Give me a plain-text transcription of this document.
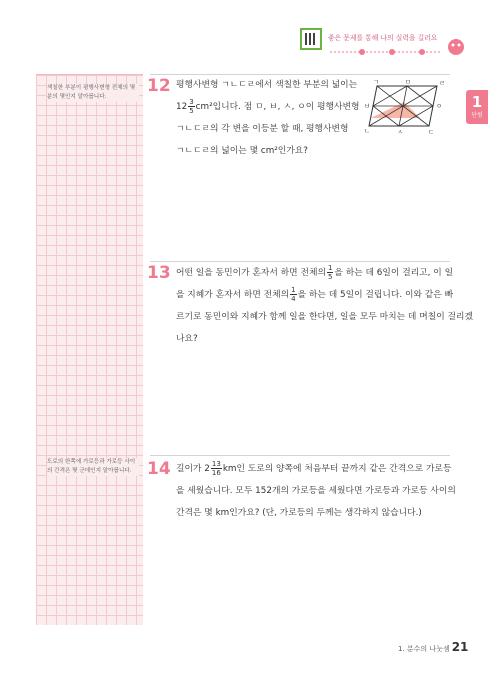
좋은 문제를 통해 나의 실력을 길러요
1
단원
색칠한 부분이 평행사변형 전체의 몇분의 몇인지 알아봅니다.
도로의 한쪽에 가로등과 가로등 사이의 간격은 몇 군데인지 알아봅니다.
12 평행사변형 ㄱㄴㄷㄹ에서 색칠한 부분의 넓이는
$12 \frac{3}{5} cm^2$입니다. 점 ㅁ, ㅂ, ㅅ, ㅇ이 평행사변형
ㄱㄴㄷㄹ의 각 변을 이등분 할 때, 평행사변형
ㄱㄴㄷㄹ의 넓이는 몇 cm²인가요?
ㄱ	ㅁ	ㄹ
ㅇ
ㅂ
ㄴ	ㅅ	ㄷ
13 어떤 일을 동민이가 혼자서 하면 전체의 $\frac{1}{5}$ 을 하는 데 6일이 걸리고, 이 일
을 지혜가 혼자서 하면 전체의 $\frac{1}{4}$ 을 하는 데 5일이 걸립니다. 이와 같은 빠
르기로 동민이와 지혜가 함께 일을 한다면, 일을 모두 마치는 데 며칠이 걸리겠
나요?
14 길이가 $2 \frac{13}{16}$ km인 도로의 양쪽에 처음부터 끝까지 같은 간격으로 가로등
을 세웠습니다. 모두 152개의 가로등을 세웠다면 가로등과 가로등 사이의
간격은 몇 km인가요? (단, 가로등의 두께는 생각하지 않습니다.)
1. 분수의 나눗셈 21
